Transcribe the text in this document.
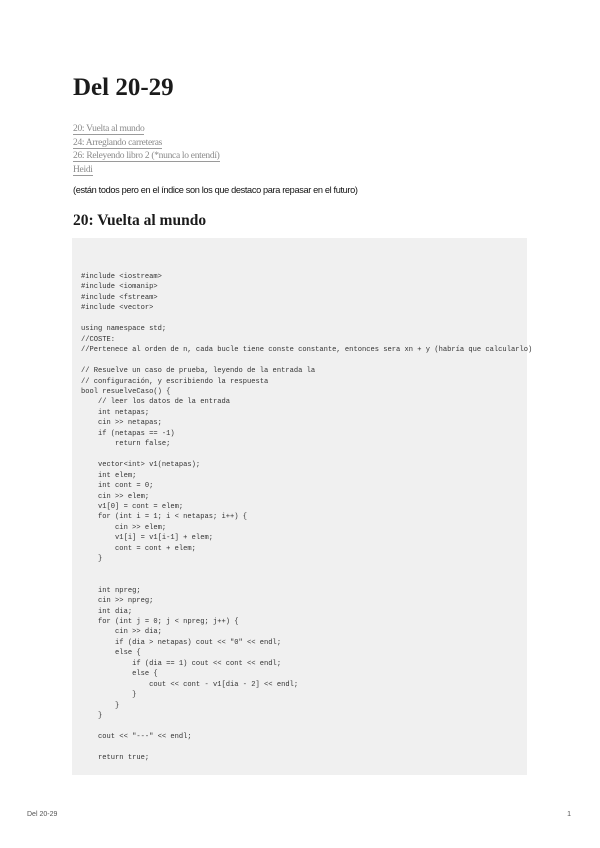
Del 20-29
20: Vuelta al mundo
24: Arreglando carreteras
26: Releyendo libro 2 (*nunca lo entendí)
Heidi

(están todos pero en el índice son los que destaco para repasar en el futuro)

20: Vuelta al mundo
#include <iostream>
#include <iomanip>
#include <fstream>
#include <vector>

using namespace std;
//COSTE:
//Pertenece al orden de n, cada bucle tiene conste constante, entonces sera xn + y (habría que calcularlo)

// Resuelve un caso de prueba, leyendo de la entrada la
// configuración, y escribiendo la respuesta
bool resuelveCaso() {
// leer los datos de la entrada
int netapas;
cin >> netapas;
if (netapas == -1)
return false;

vector<int> v1(netapas);
int elem;
int cont = 0;
cin >> elem;
v1[0] = cont = elem;
for (int i = 1; i < netapas; i++) {
cin >> elem;
v1[i] = v1[i-1] + elem;
cont = cont + elem;
}

int npreg;
cin >> npreg;
int dia;
for (int j = 0; j < npreg; j++) {
cin >> dia;
if (dia > netapas) cout << "0" << endl;
else {
if (dia == 1) cout << cont << endl;
else {
cout << cont - v1[dia - 2] << endl;
}
}
}

cout << "---" << endl;

return true;
Del 20-29	1
